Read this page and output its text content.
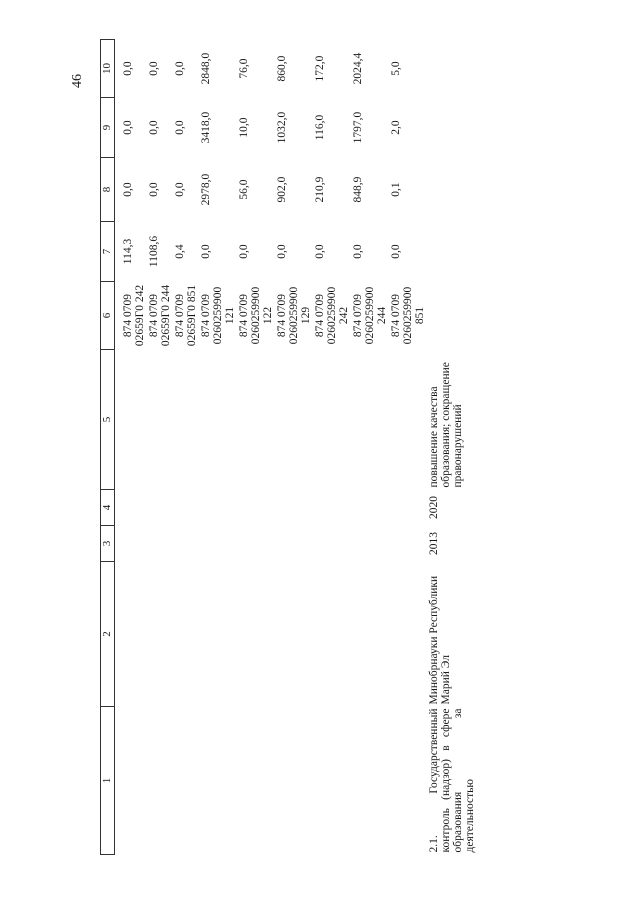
46
1	2	3	4	5	6	7	8	9	10

					874 0709 02659Г0 242	114,3	0,0	0,0	0,0
					874 0709 02659Г0 244	1108,6	0,0	0,0	0,0
					874 0709 02659Г0 851	0,4	0,0	0,0	0,0
					874 0709 0260259900 121	0,0	2978,0	3418,0	2848,0
					874 0709 0260259900 122	0,0	56,0	10,0	76,0
					874 0709 0260259900 129	0,0	902,0	1032,0	860,0
					874 0709 0260259900 242	0,0	210,9	116,0	172,0
					874 0709 0260259900 244	0,0	848,9	1797,0	2024,4
					874 0709 0260259900 851	0,0	0,1	2,0	5,0
2.1. Государственный контроль (надзор) в сфере образования за деятельностью	Минобрнауки Республики Марий Эл	2013	2020	повышение качества образования; сокращение правонарушений					
